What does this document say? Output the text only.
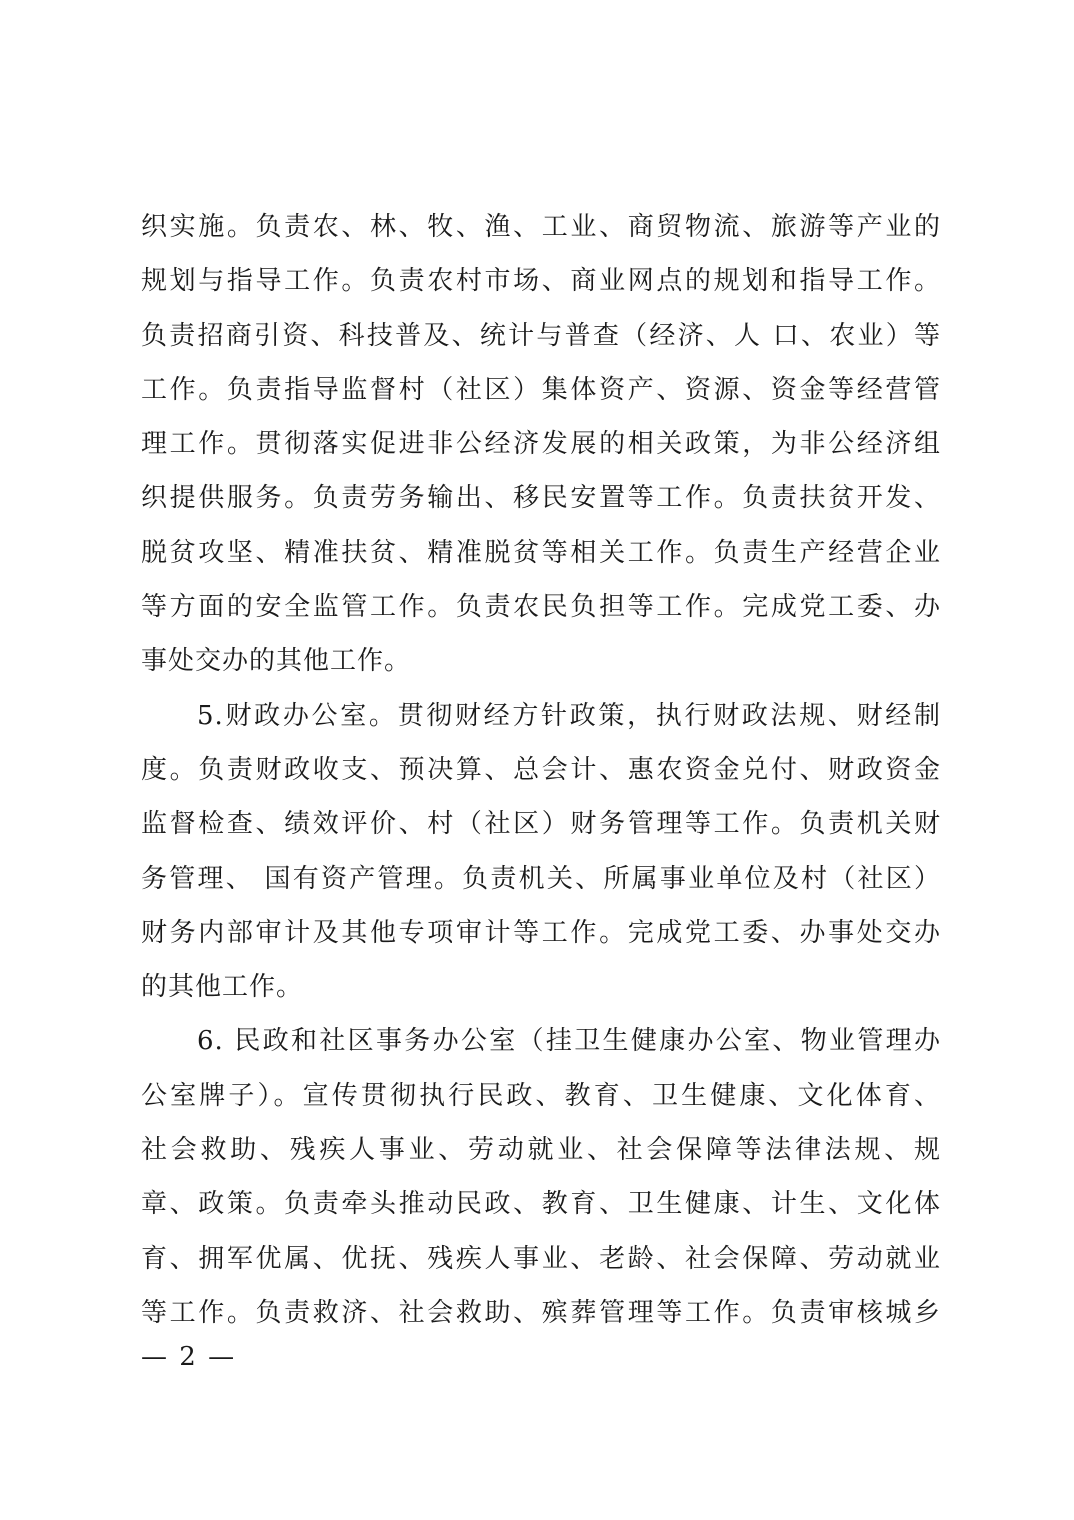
织实施。负责农、林、牧、渔、工业、商贸物流、旅游等产业的
规划与指导工作。负责农村市场、商业网点的规划和指导工作。
负责招商引资、科技普及、统计与普查（经济、人 口、农业）等
工作。负责指导监督村（社区）集体资产、资源、资金等经营管
理工作。贯彻落实促进非公经济发展的相关政策，为非公经济组
织提供服务。负责劳务输出、移民安置等工作。负责扶贫开发、
脱贫攻坚、精准扶贫、精准脱贫等相关工作。负责生产经营企业
等方面的安全监管工作。负责农民负担等工作。完成党工委、办
事处交办的其他工作。
5.财政办公室。贯彻财经方针政策，执行财政法规、财经制
度。负责财政收支、预决算、总会计、惠农资金兑付、财政资金
监督检查、绩效评价、村（社区）财务管理等工作。负责机关财
务管理、 国有资产管理。负责机关、所属事业单位及村（社区）
财务内部审计及其他专项审计等工作。完成党工委、办事处交办
的其他工作。
6. 民政和社区事务办公室（挂卫生健康办公室、物业管理办
公室牌子）。宣传贯彻执行民政、教育、卫生健康、文化体育、
社会救助、残疾人事业、劳动就业、社会保障等法律法规、规
章、政策。负责牵头推动民政、教育、卫生健康、计生、文化体
育、拥军优属、优抚、残疾人事业、老龄、社会保障、劳动就业
等工作。负责救济、社会救助、殡葬管理等工作。负责审核城乡
— 2 —
